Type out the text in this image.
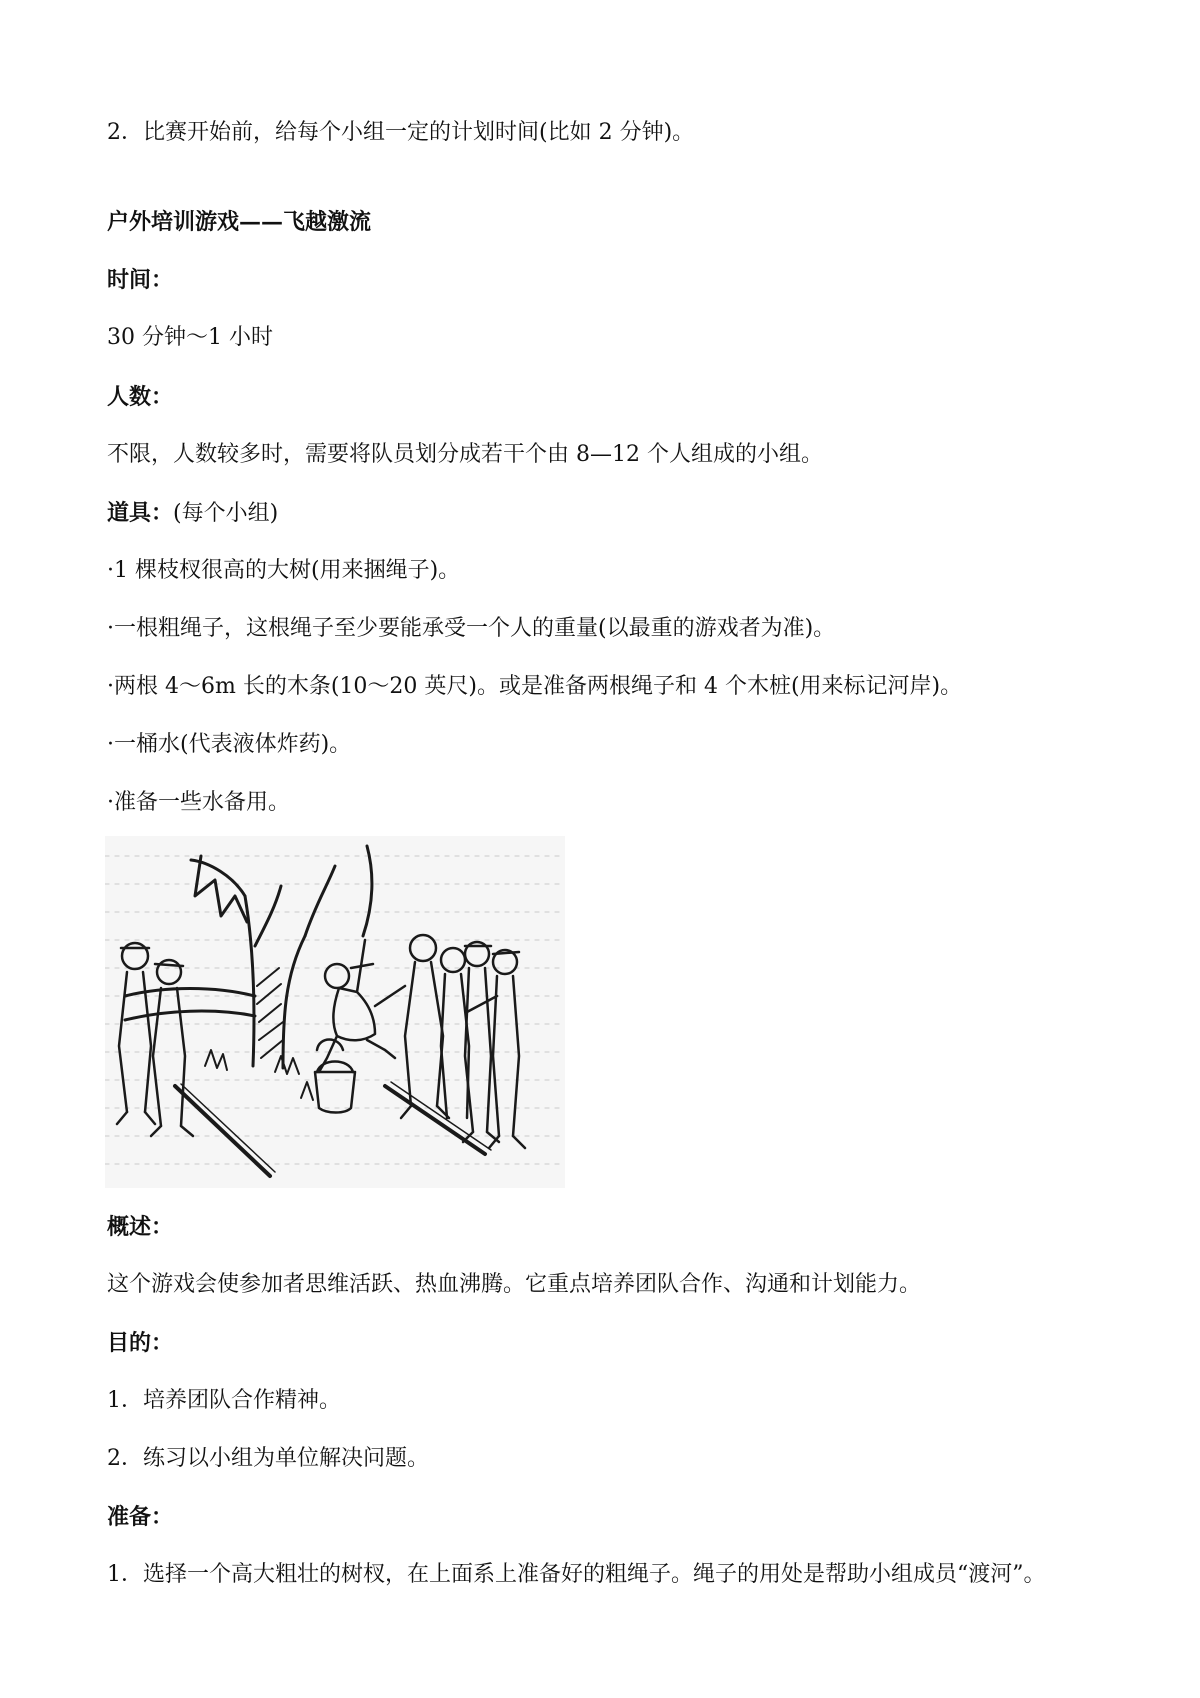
2．比赛开始前，给每个小组一定的计划时间(比如 2 分钟)。
户外培训游戏——飞越激流
时间：
30 分钟～1 小时
人数：
不限，人数较多时，需要将队员划分成若干个由 8—12 个人组成的小组。
道具：(每个小组)
·1 棵枝杈很高的大树(用来捆绳子)。
·一根粗绳子，这根绳子至少要能承受一个人的重量(以最重的游戏者为准)。
·两根 4～6m 长的木条(10～20 英尺)。或是准备两根绳子和 4 个木桩(用来标记河岸)。
·一桶水(代表液体炸药)。
·准备一些水备用。
概述：
这个游戏会使参加者思维活跃、热血沸腾。它重点培养团队合作、沟通和计划能力。
目的：
1．培养团队合作精神。
2．练习以小组为单位解决问题。
准备：
1．选择一个高大粗壮的树杈，在上面系上准备好的粗绳子。绳子的用处是帮助小组成员“渡河”。
